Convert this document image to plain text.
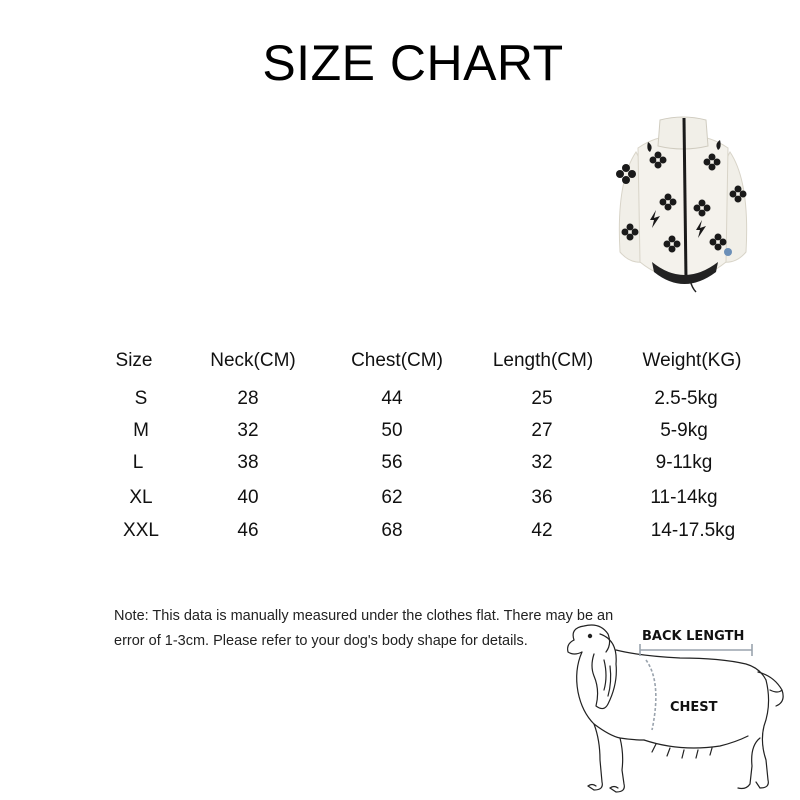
SIZE CHART
Size	Neck(CM)	Chest(CM)	Length(CM)	Weight(KG)
S	28	44	25	2.5-5kg
M	32	50	27	5-9kg
L	38	56	32	9-11kg
XL	40	62	36	11-14kg
XXL	46	68	42	14-17.5kg
Note: This data is manually measured under the clothes flat. There may be an
error of 1-3cm. Please refer to your dog's body shape for details.	BACK LENGTH
CHEST
